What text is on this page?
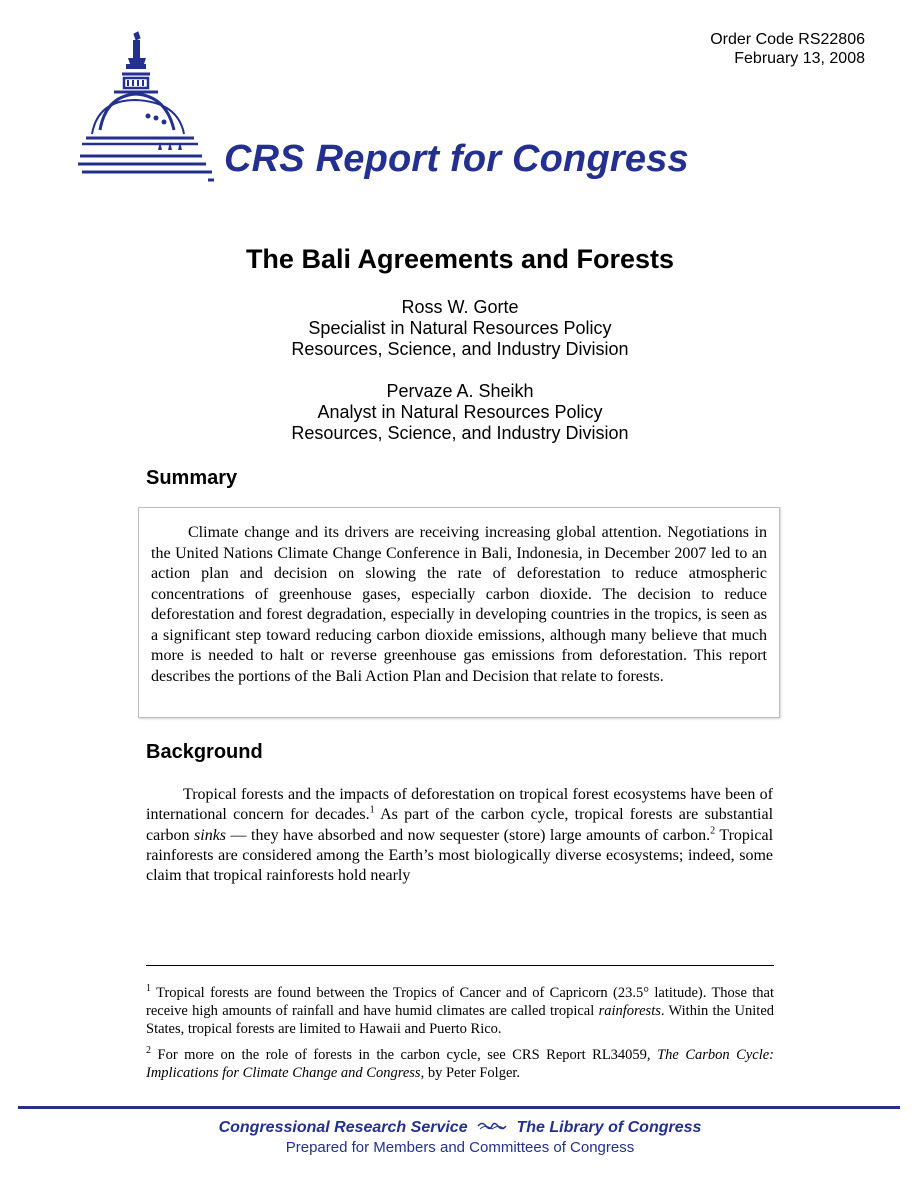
Order Code RS22806
February 13, 2008
CRS Report for Congress
The Bali Agreements and Forests
Ross W. Gorte
Specialist in Natural Resources Policy
Resources, Science, and Industry Division
Pervaze A. Sheikh
Analyst in Natural Resources Policy
Resources, Science, and Industry Division
Summary

Climate change and its drivers are receiving increasing global attention. Negotiations in the United Nations Climate Change Conference in Bali, Indonesia, in December 2007 led to an action plan and decision on slowing the rate of deforestation to reduce atmospheric concentrations of greenhouse gases, especially carbon dioxide. The decision to reduce deforestation and forest degradation, especially in developing countries in the tropics, is seen as a significant step toward reducing carbon dioxide emissions, although many believe that much more is needed to halt or reverse greenhouse gas emissions from deforestation. This report describes the portions of the Bali Action Plan and Decision that relate to forests.

Background

Tropical forests and the impacts of deforestation on tropical forest ecosystems have been of international concern for decades.$^1$ As part of the carbon cycle, tropical forests are substantial carbon sinks — they have absorbed and now sequester (store) large amounts of carbon.$^2$ Tropical rainforests are considered among the Earth’s most biologically diverse ecosystems; indeed, some claim that tropical rainforests hold nearly

$^1$ Tropical forests are found between the Tropics of Cancer and of Capricorn (23.5° latitude). Those that receive high amounts of rainfall and have humid climates are called tropical rainforests. Within the United States, tropical forests are limited to Hawaii and Puerto Rico.

$^2$ For more on the role of forests in the carbon cycle, see CRS Report RL34059, The Carbon Cycle: Implications for Climate Change and Congress, by Peter Folger.

Congressional Research Service	The Library of Congress
Prepared for Members and Committees of Congress
